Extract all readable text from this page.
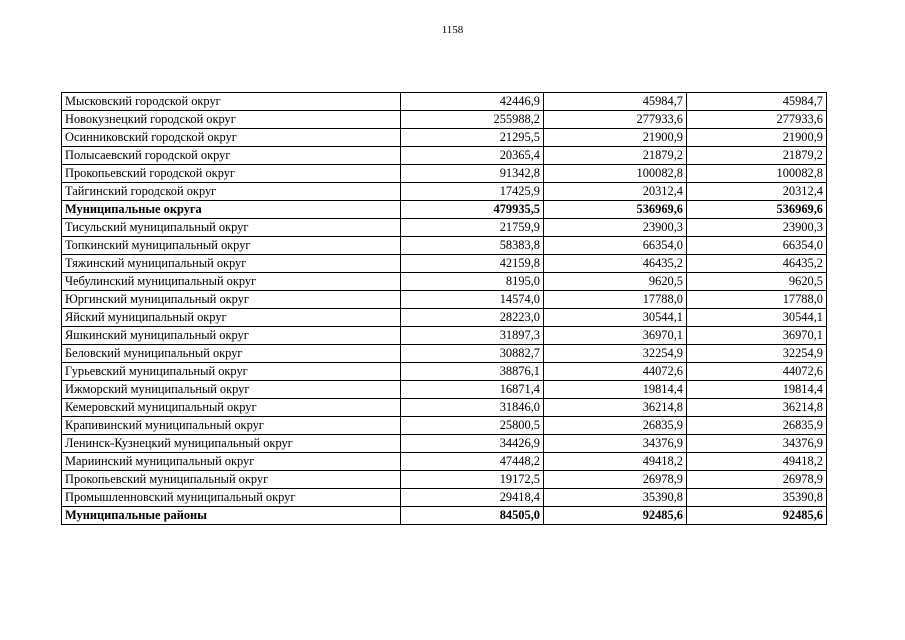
1158
Мысковский городской округ	42446,9	45984,7	45984,7
Новокузнецкий городской округ	255988,2	277933,6	277933,6
Осинниковский городской округ	21295,5	21900,9	21900,9
Полысаевский городской округ	20365,4	21879,2	21879,2
Прокопьевский городской округ	91342,8	100082,8	100082,8
Тайгинский городской округ	17425,9	20312,4	20312,4
Муниципальные округа	479935,5	536969,6	536969,6
Тисульский муниципальный округ	21759,9	23900,3	23900,3
Топкинский муниципальный округ	58383,8	66354,0	66354,0
Тяжинский муниципальный округ	42159,8	46435,2	46435,2
Чебулинский муниципальный округ	8195,0	9620,5	9620,5
Юргинский муниципальный округ	14574,0	17788,0	17788,0
Яйский муниципальный округ	28223,0	30544,1	30544,1
Яшкинский муниципальный округ	31897,3	36970,1	36970,1
Беловский муниципальный округ	30882,7	32254,9	32254,9
Гурьевский муниципальный округ	38876,1	44072,6	44072,6
Ижморский муниципальный округ	16871,4	19814,4	19814,4
Кемеровский муниципальный округ	31846,0	36214,8	36214,8
Крапивинский муниципальный округ	25800,5	26835,9	26835,9
Ленинск-Кузнецкий муниципальный округ	34426,9	34376,9	34376,9
Мариинский муниципальный округ	47448,2	49418,2	49418,2
Прокопьевский муниципальный округ	19172,5	26978,9	26978,9
Промышленновский муниципальный округ	29418,4	35390,8	35390,8
Муниципальные районы	84505,0	92485,6	92485,6
